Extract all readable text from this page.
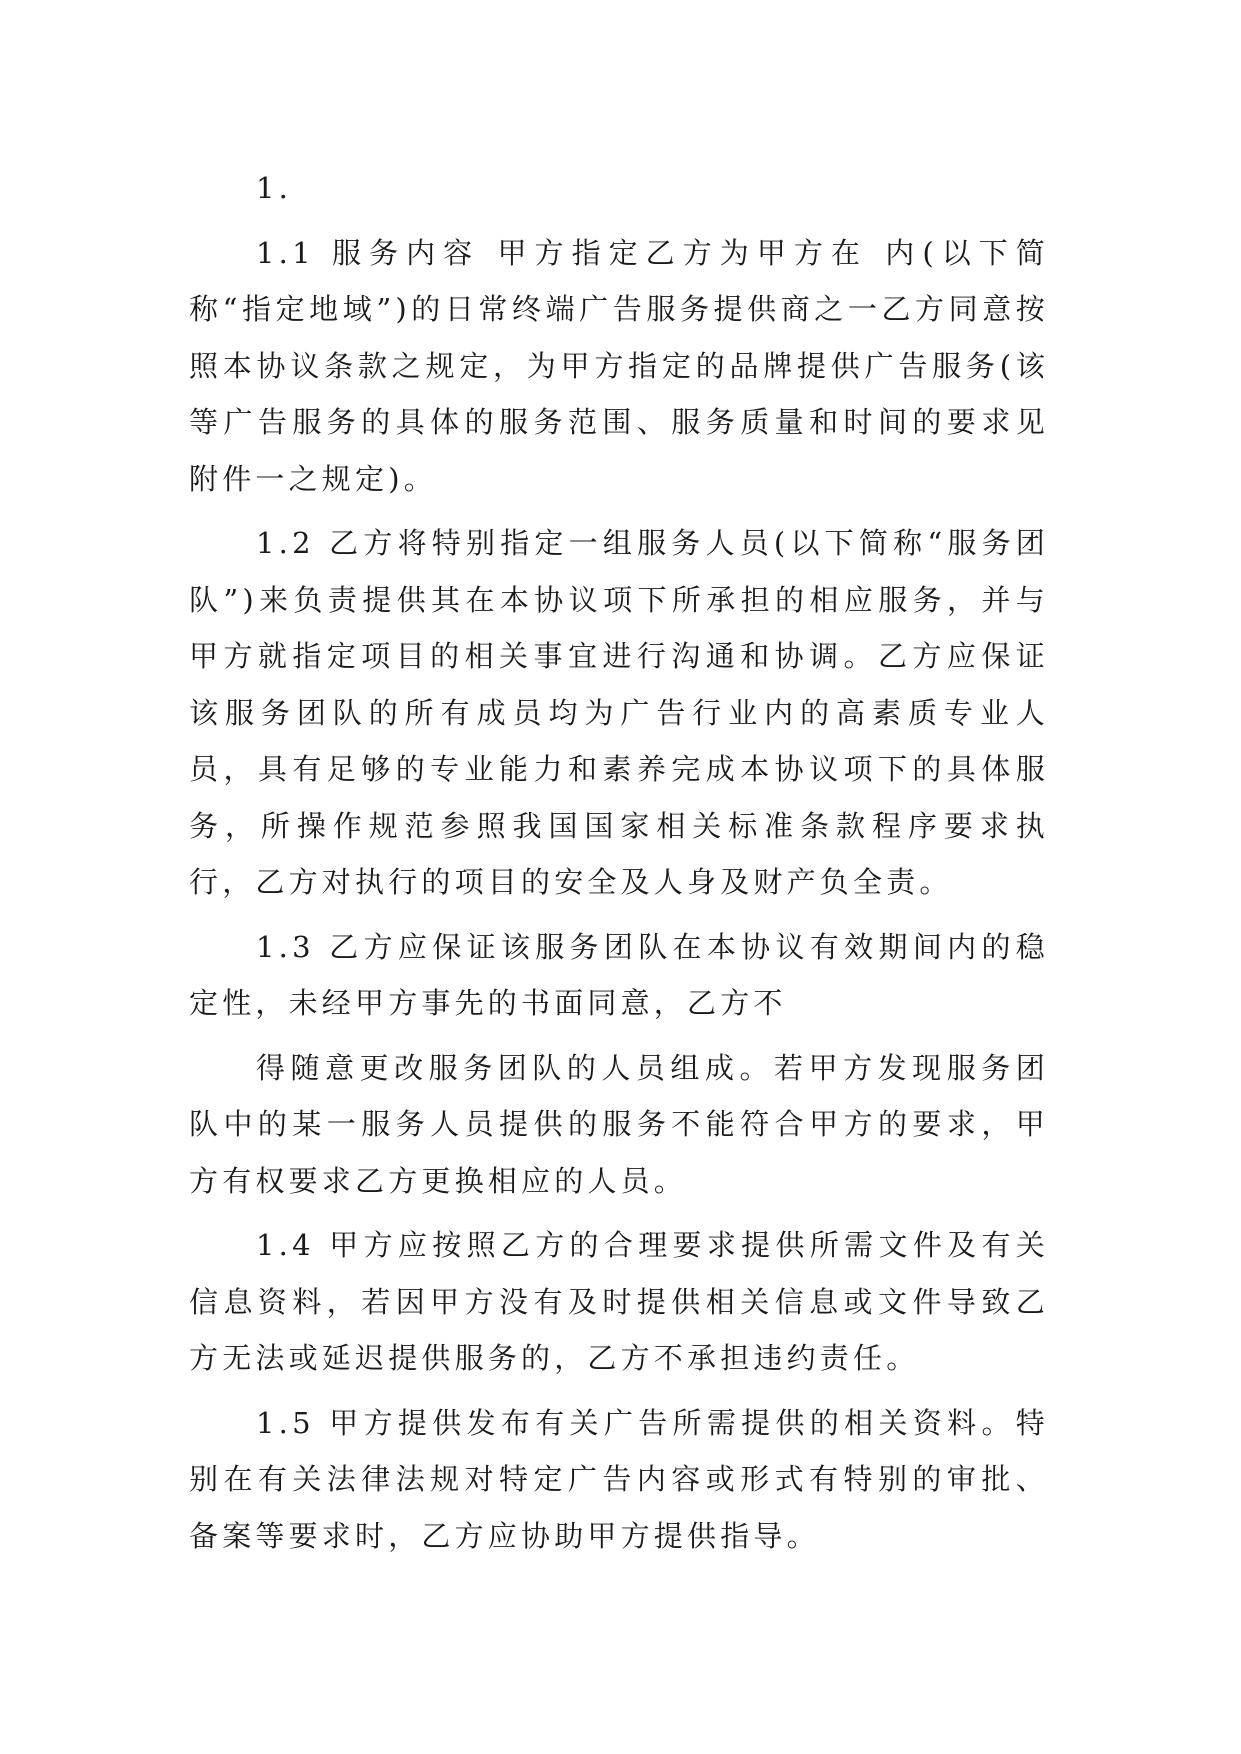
1.

1.1 服务内容 甲方指定乙方为甲方在 内(以下简称“指定地域”)的日常终端广告服务提供商之一乙方同意按照本协议条款之规定，为甲方指定的品牌提供广告服务(该等广告服务的具体的服务范围、服务质量和时间的要求见附件一之规定)。

1.2 乙方将特别指定一组服务人员(以下简称“服务团队”)来负责提供其在本协议项下所承担的相应服务，并与甲方就指定项目的相关事宜进行沟通和协调。乙方应保证该服务团队的所有成员均为广告行业内的高素质专业人员，具有足够的专业能力和素养完成本协议项下的具体服务，所操作规范参照我国国家相关标准条款程序要求执行，乙方对执行的项目的安全及人身及财产负全责。

1.3 乙方应保证该服务团队在本协议有效期间内的稳定性，未经甲方事先的书面同意，乙方不

得随意更改服务团队的人员组成。若甲方发现服务团队中的某一服务人员提供的服务不能符合甲方的要求，甲方有权要求乙方更换相应的人员。

1.4 甲方应按照乙方的合理要求提供所需文件及有关信息资料，若因甲方没有及时提供相关信息或文件导致乙方无法或延迟提供服务的，乙方不承担违约责任。

1.5 甲方提供发布有关广告所需提供的相关资料。特别在有关法律法规对特定广告内容或形式有特别的审批、备案等要求时，乙方应协助甲方提供指导。
